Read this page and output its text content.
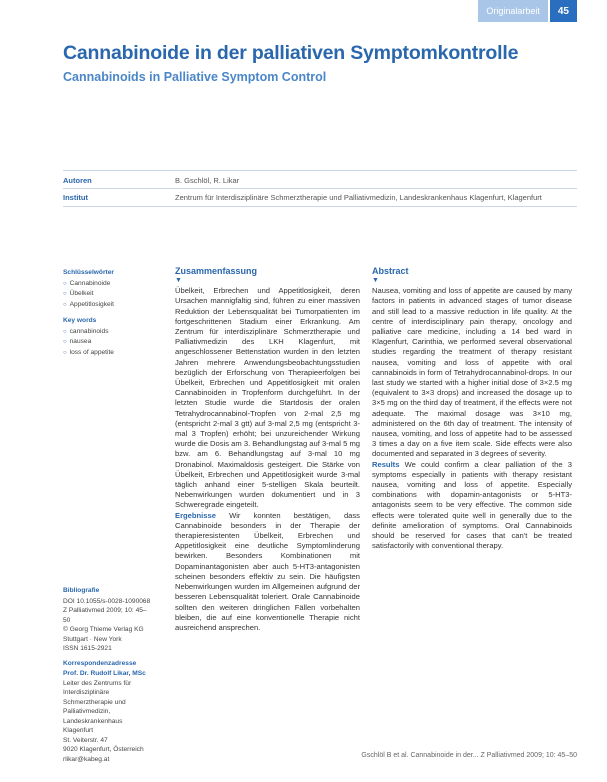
Originalarbeit	45
Cannabinoide in der palliativen Symptomkontrolle
Cannabinoids in Palliative Symptom Control
Autoren	B. Gschlöl, R. Likar
Institut	Zentrum für Interdisziplinäre Schmerztherapie und Palliativmedizin, Landeskrankenhaus Klagenfurt, Klagenfurt
Schlüsselwörter
○ Cannabinoide
○ Übelkeit
○ Appetitlosigkeit
Key words
○ cannabinoids
○ nausea
○ loss of appetite
Bibliografie
DOI 10.1055/s-0028-1090068
Z Palliativmed 2009; 10: 45–50
© Georg Thieme Verlag KG
Stuttgart · New York
ISSN 1615-2921
Korrespondenzadresse
Prof. Dr. Rudolf Likar, MSc
Leiter des Zentrums für Interdisziplinäre Schmerztherapie und Palliativmedizin, Landeskrankenhaus Klagenfurt
St. Veiterstr. 47
9020 Klagenfurt, Österreich
rlikar@kabeg.at
Zusammenfassung
▼

Übelkeit, Erbrechen und Appetitlosigkeit, deren Ursachen mannigfaltig sind, führen zu einer massiven Reduktion der Lebensqualität bei Tumorpatienten im fortgeschrittenen Stadium einer Erkrankung. Am Zentrum für interdisziplinäre Schmerztherapie und Palliativmedizin des LKH Klagenfurt, mit angeschlossener Bettenstation wurden in den letzten Jahren mehrere Anwendungsbeobachtungsstudien bezüglich der Erforschung von Therapieerfolgen bei Übelkeit, Erbrechen und Appetitlosigkeit mit oralen Cannabinoiden in Tropfenform durchgeführt. In der letzten Studie wurde die Startdosis der oralen Tetrahydrocannabinol-Tropfen von 2-mal 2,5 mg (entspricht 2-mal 3 gtt) auf 3-mal 2,5 mg (entspricht 3-mal 3 Tropfen) erhöht; bei unzureichender Wirkung wurde die Dosis am 3. Behandlungstag auf 3-mal 5 mg bzw. am 6. Behandlungstag auf 3-mal 10 mg Dronabinol. Maximaldosis gesteigert. Die Stärke von Übelkeit, Erbrechen und Appetitlosigkeit wurde 3-mal täglich anhand einer 5-stelligen Skala beurteilt. Nebenwirkungen wurden dokumentiert und in 3 Schweregrade eingeteilt.

Ergebnisse Wir konnten bestätigen, dass Cannabinoide besonders in der Therapie der therapieresistenten Übelkeit, Erbrechen und Appetitlosigkeit eine deutliche Symptomlinderung bewirken. Besonders Kombinationen mit Dopaminantagonisten aber auch 5-HT3-antagonisten scheinen besonders effektiv zu sein. Die häufigsten Nebenwirkungen wurden im Allgemeinen aufgrund der besseren Lebensqualität toleriert. Orale Cannabinoide sollten den weiteren dringlichen Fällen vorbehalten bleiben, die auf eine konventionelle Therapie nicht ausreichend ansprechen.

Abstract
▼

Nausea, vomiting and loss of appetite are caused by many factors in patients in advanced stages of tumor disease and still lead to a massive reduction in life quality. At the centre of interdisciplinary pain therapy, oncology and palliative care medicine, including a 14 bed ward in Klagenfurt, Carinthia, we performed several observational studies regarding the treatment of therapy resistant nausea, vomiting and loss of appetite with oral cannabinoids in form of Tetrahydrocannabinol-drops. In our last study we started with a higher initial dose of 3×2.5 mg (equivalent to 3×3 drops) and increased the dosage up to 3×5 mg on the third day of treatment, if the effects were not adequate. The maximal dosage was 3×10 mg, administered on the 6th day of treatment. The intensity of nausea, vomiting, and loss of appetite had to be assessed 3 times a day on a five item scale. Side effects were also documented and separated in 3 degrees of severity.

Results We could confirm a clear palliation of the 3 symptoms especially in patients with therapy resistant nausea, vomiting and loss of appetite. Especially combinations with dopamin-antagonists or 5-HT3-antagonists seem to be very effective. The common side effects were tolerated quite well in generally due to the definite amelioration of symptoms. Oral Cannabinoids should be reserved for cases that can't be treated satisfactorily with conventional therapy.

Gschlöl B et al. Cannabinoide in der... Z Palliativmed 2009; 10: 45–50
